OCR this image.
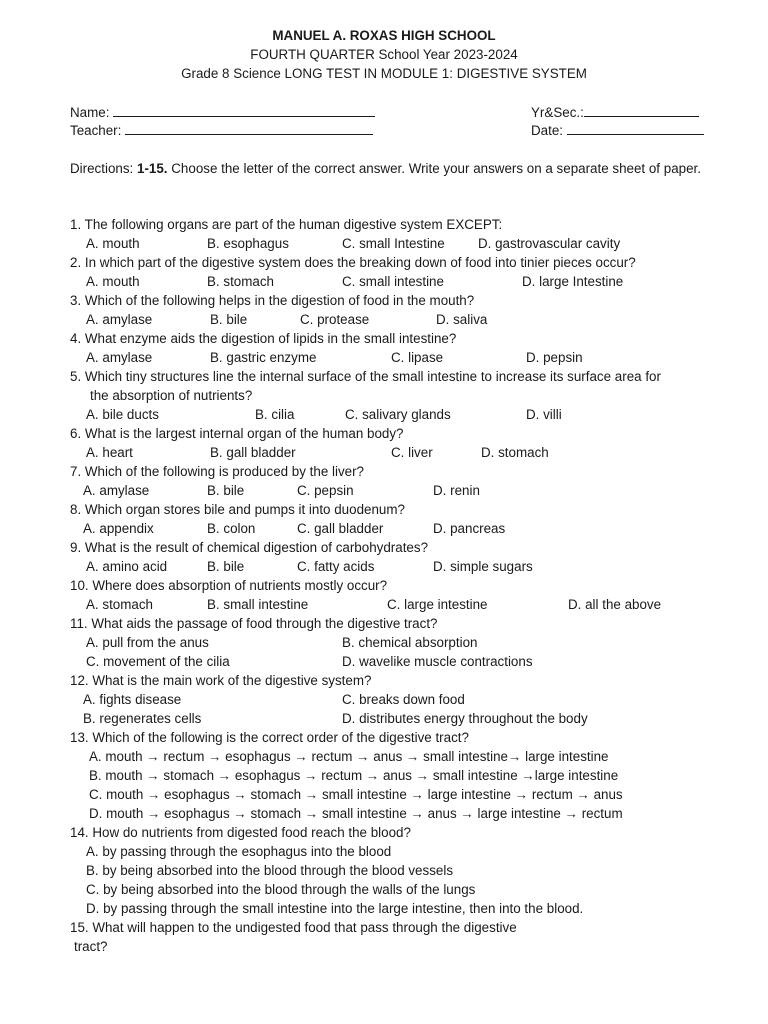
MANUEL A. ROXAS HIGH SCHOOL
FOURTH QUARTER School Year 2023-2024
Grade 8 Science LONG TEST IN MODULE 1: DIGESTIVE SYSTEM
Name:
Teacher:
Yr&Sec.:
Date:
Directions: 1-15. Choose the letter of the correct answer. Write your answers on a separate sheet of paper.
1. The following organs are part of the human digestive system EXCEPT:
A. mouth	B. esophagus	C. small Intestine D. gastrovascular cavity
2. In which part of the digestive system does the breaking down of food into tinier pieces occur?
A. mouth	B. stomach	C. small intestine	D. large Intestine
3. Which of the following helps in the digestion of food in the mouth?
A. amylase	B. bile	C. protease	D. saliva
4. What enzyme aids the digestion of lipids in the small intestine?
A. amylase	B. gastric enzyme	C. lipase	D. pepsin
5. Which tiny structures line the internal surface of the small intestine to increase its surface area for
the absorption of nutrients?
A. bile ducts	B. cilia	C. salivary glands	D. villi
6. What is the largest internal organ of the human body?
A. heart	B. gall bladder	C. liver	D. stomach
7. Which of the following is produced by the liver?
A. amylase	B. bile	C. pepsin	D. renin
8. Which organ stores bile and pumps it into duodenum?
A. appendix	B. colon	C. gall bladder	D. pancreas
9. What is the result of chemical digestion of carbohydrates?
A. amino acid	B. bile	C. fatty acids	D. simple sugars
10. Where does absorption of nutrients mostly occur?
A. stomach	B. small intestine	C. large intestine	D. all the above
11. What aids the passage of food through the digestive tract?
A. pull from the anus	B. chemical absorption
C. movement of the cilia	D. wavelike muscle contractions
12. What is the main work of the digestive system?
A. fights disease	C. breaks down food
B. regenerates cells	D. distributes energy throughout the body
13. Which of the following is the correct order of the digestive tract?
A. mouth → rectum → esophagus → rectum → anus → small intestine→ large intestine
B. mouth → stomach → esophagus → rectum → anus → small intestine →large intestine
C. mouth → esophagus → stomach → small intestine → large intestine → rectum → anus
D. mouth → esophagus → stomach → small intestine → anus → large intestine → rectum
14. How do nutrients from digested food reach the blood?
A. by passing through the esophagus into the blood
B. by being absorbed into the blood through the blood vessels
C. by being absorbed into the blood through the walls of the lungs
D. by passing through the small intestine into the large intestine, then into the blood.
15. What will happen to the undigested food that pass through the digestive
tract?
